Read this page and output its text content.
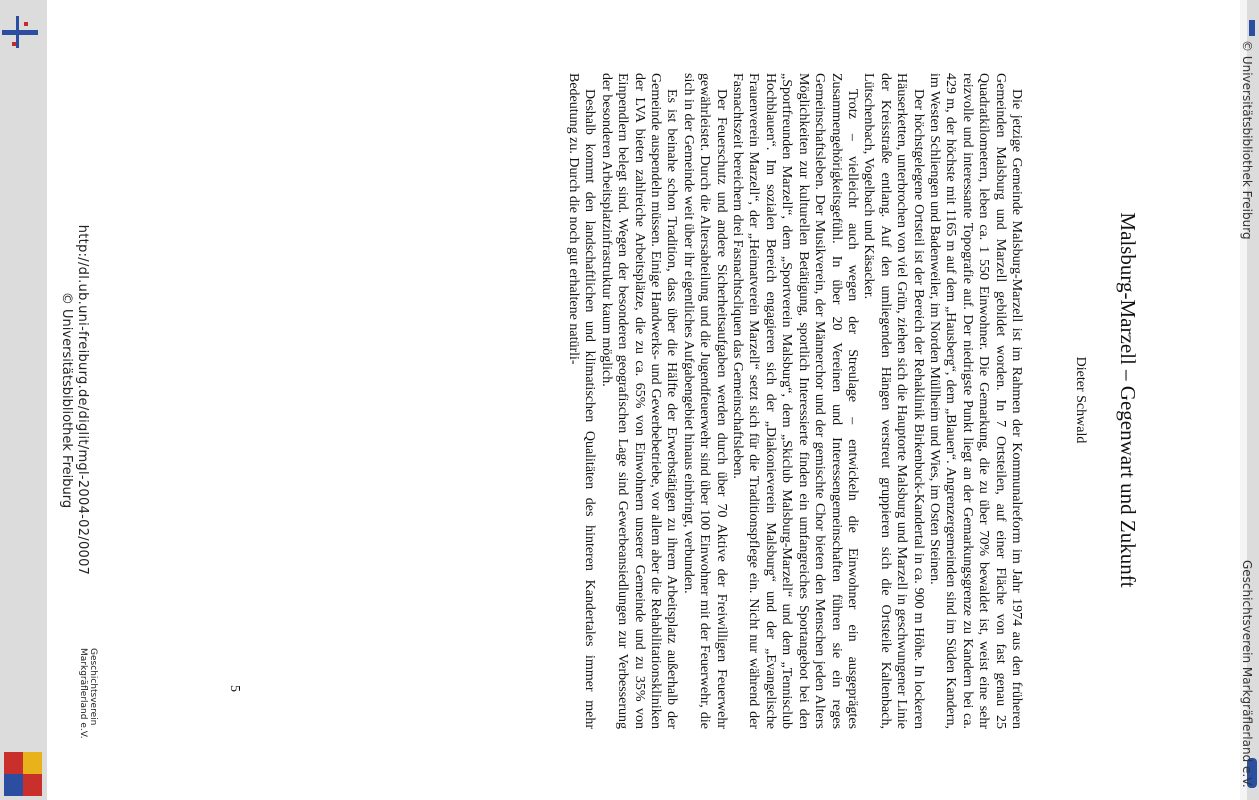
© Universitätsbibliothek Freiburg
Geschichtsverein Markgräflerland e.V.
Malsburg-Marzell – Gegenwart und Zukunft
Dieter Schwald

Die jetzige Gemeinde Malsburg-Marzell ist im Rahmen der Kommunalreform im Jahr 1974 aus den früheren Gemeinden Malsburg und Marzell gebildet worden. In 7 Ortsteilen, auf einer Fläche von fast genau 25 Quadratkilometern, leben ca. 1 550 Einwohner. Die Gemarkung, die zu über 70% bewaldet ist, weist eine sehr reizvolle und interessante Topografie auf. Der niedrigste Punkt liegt an der Gemarkungsgrenze zu Kandern bei ca. 429 m, der höchste mit 1165 m auf dem „Hausberg“, dem „Blauen“. Angrenzergemeinden sind im Süden Kandern, im Westen Schliengen und Badenweiler, im Norden Müllheim und Wies, im Osten Steinen.

Der höchstgelegene Ortsteil ist der Bereich der Rehaklinik Birkenbuck-Kandertal in ca. 900 m Höhe. In lockeren Häuserketten, unterbrochen von viel Grün, ziehen sich die Hauptorte Malsburg und Marzell in geschwungener Linie der Kreisstraße entlang. Auf den umliegenden Hängen verstreut gruppieren sich die Ortsteile Kaltenbach, Lütschenbach, Vogelbach und Käsacker.

Trotz – vielleicht auch wegen der Streulage – entwickeln die Einwohner ein ausgeprägtes Zusammengehörigkeitsgefühl. In über 20 Vereinen und Interessengemeinschaften führen sie ein reges Gemeinschaftsleben. Der Musikverein, der Männerchor und der gemischte Chor bieten den Menschen jeden Alters Möglichkeiten zur kulturellen Betätigung, sportlich Interessierte finden ein umfangreiches Sportangebot bei den „Sportfreunden Marzell“, dem „Sportverein Malsburg“, dem „Skiclub Malsburg-Marzell“ und dem „Tennisclub Hochblauen“. Im sozialen Bereich engagieren sich der „Diakonieverein Malsburg“ und der „Evangelische Frauenverein Marzell“, der „Heimatverein Marzell“ setzt sich für die Traditionspflege ein. Nicht nur während der Fasnachtszeit bereichern drei Fasnachtscliquen das Gemeinschaftsleben.

Der Feuerschutz und andere Sicherheitsaufgaben werden durch über 70 Aktive der Freiwilligen Feuerwehr gewährleistet. Durch die Altersabteilung und die Jugendfeuerwehr sind über 100 Einwohner mit der Feuerwehr, die sich in der Gemeinde weit über ihr eigentliches Aufgabengebiet hinaus einbringt, verbunden.

Es ist beinahe schon Tradition, dass über die Hälfte der Erwerbstätigen zu ihrem Arbeitsplatz außerhalb der Gemeinde auspendeln müssen. Einige Handwerks- und Gewerbebetriebe, vor allem aber die Rehabilitationskliniken der LVA bieten zahlreiche Arbeitsplätze, die zu ca. 65% von Einwohnern unserer Gemeinde und zu 35% von Einpendlern belegt sind. Wegen der besonderen geografischen Lage sind Gewerbeansiedlungen zur Verbesserung der besonderen Arbeitsplatzinfrastruktur kaum möglich.

Deshalb kommt den landschaftlichen und klimatischen Qualitäten des hinteren Kandertales immer mehr Bedeutung zu. Durch die noch gut erhaltene natürli-

5
http://dl.ub.uni-freiburg.de/diglit/mgl-2004-02/0007
© Universitätsbibliothek Freiburg
Geschichtsverein
Markgräflerland e.V.
